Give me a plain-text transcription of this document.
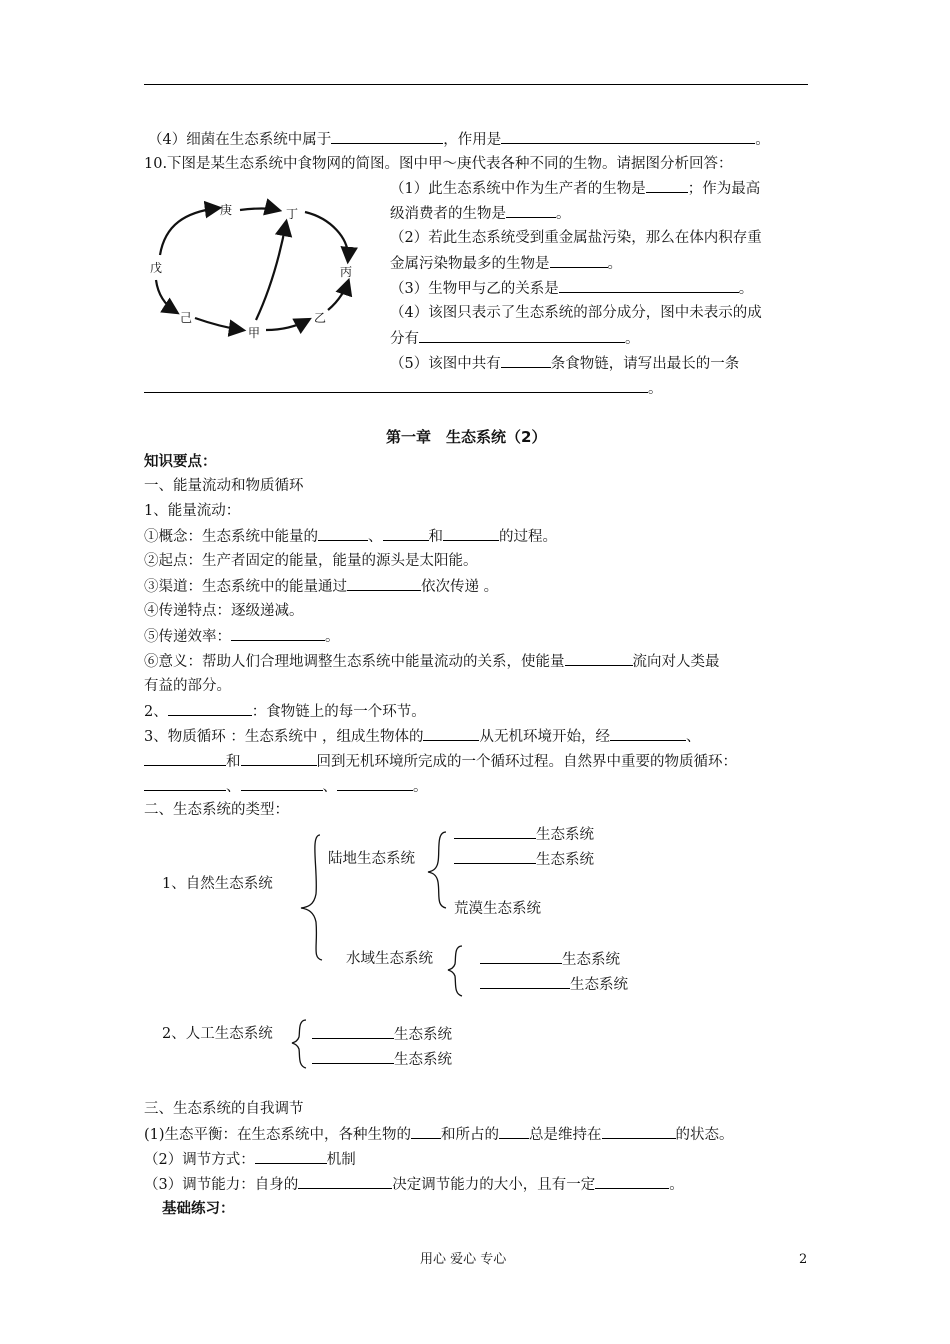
（4）细菌在生态系统中属于	，作用是	。
10.下图是某生态系统中食物网的简图。图中甲～庚代表各种不同的生物。请据图分析回答：
（1）此生态系统中作为生产者的生物是	；作为最高
级消费者的生物是	。
（2）若此生态系统受到重金属盐污染，那么在体内积存重
金属污染物最多的生物是	。
（3）生物甲与乙的关系是	。
（4）该图只表示了生态系统的部分成分，图中未表示的成
分有	。
（5）该图中共有	条食物链，请写出最长的一条
。
庚	丁
戊	丙
己
甲
乙
第一章　生态系统（2）
知识要点：
一、能量流动和物质循环
1、能量流动：
①概念：生态系统中能量的	、	和	的过程。
②起点：生产者固定的能量，能量的源头是太阳能。
③渠道：生态系统中的能量通过	依次传递 。
④传递特点：逐级递减。
⑤传递效率：	。
⑥意义：帮助人们合理地调整生态系统中能量流动的关系，使能量	流向对人类最
有益的部分。
2、	：食物链上的每一个环节。
3、物质循环 ：生态系统中 ，组成生物体的	从无机环境开始，经	、
和	回到无机环境所完成的一个循环过程。自然界中重要的物质循环：
、	、	。
二、生态系统的类型：
1、自然生态系统
陆地生态系统
生态系统
生态系统
荒漠生态系统
水域生态系统	生态系统
生态系统
2、人工生态系统	生态系统
生态系统
三、生态系统的自我调节
(1)生态平衡：在生态系统中，各种生物的 和所占的 总是维持在	的状态。
（2）调节方式：	机制
（3）调节能力：自身的	决定调节能力的大小，且有一定	。
基础练习：
用心 爱心 专心	2
